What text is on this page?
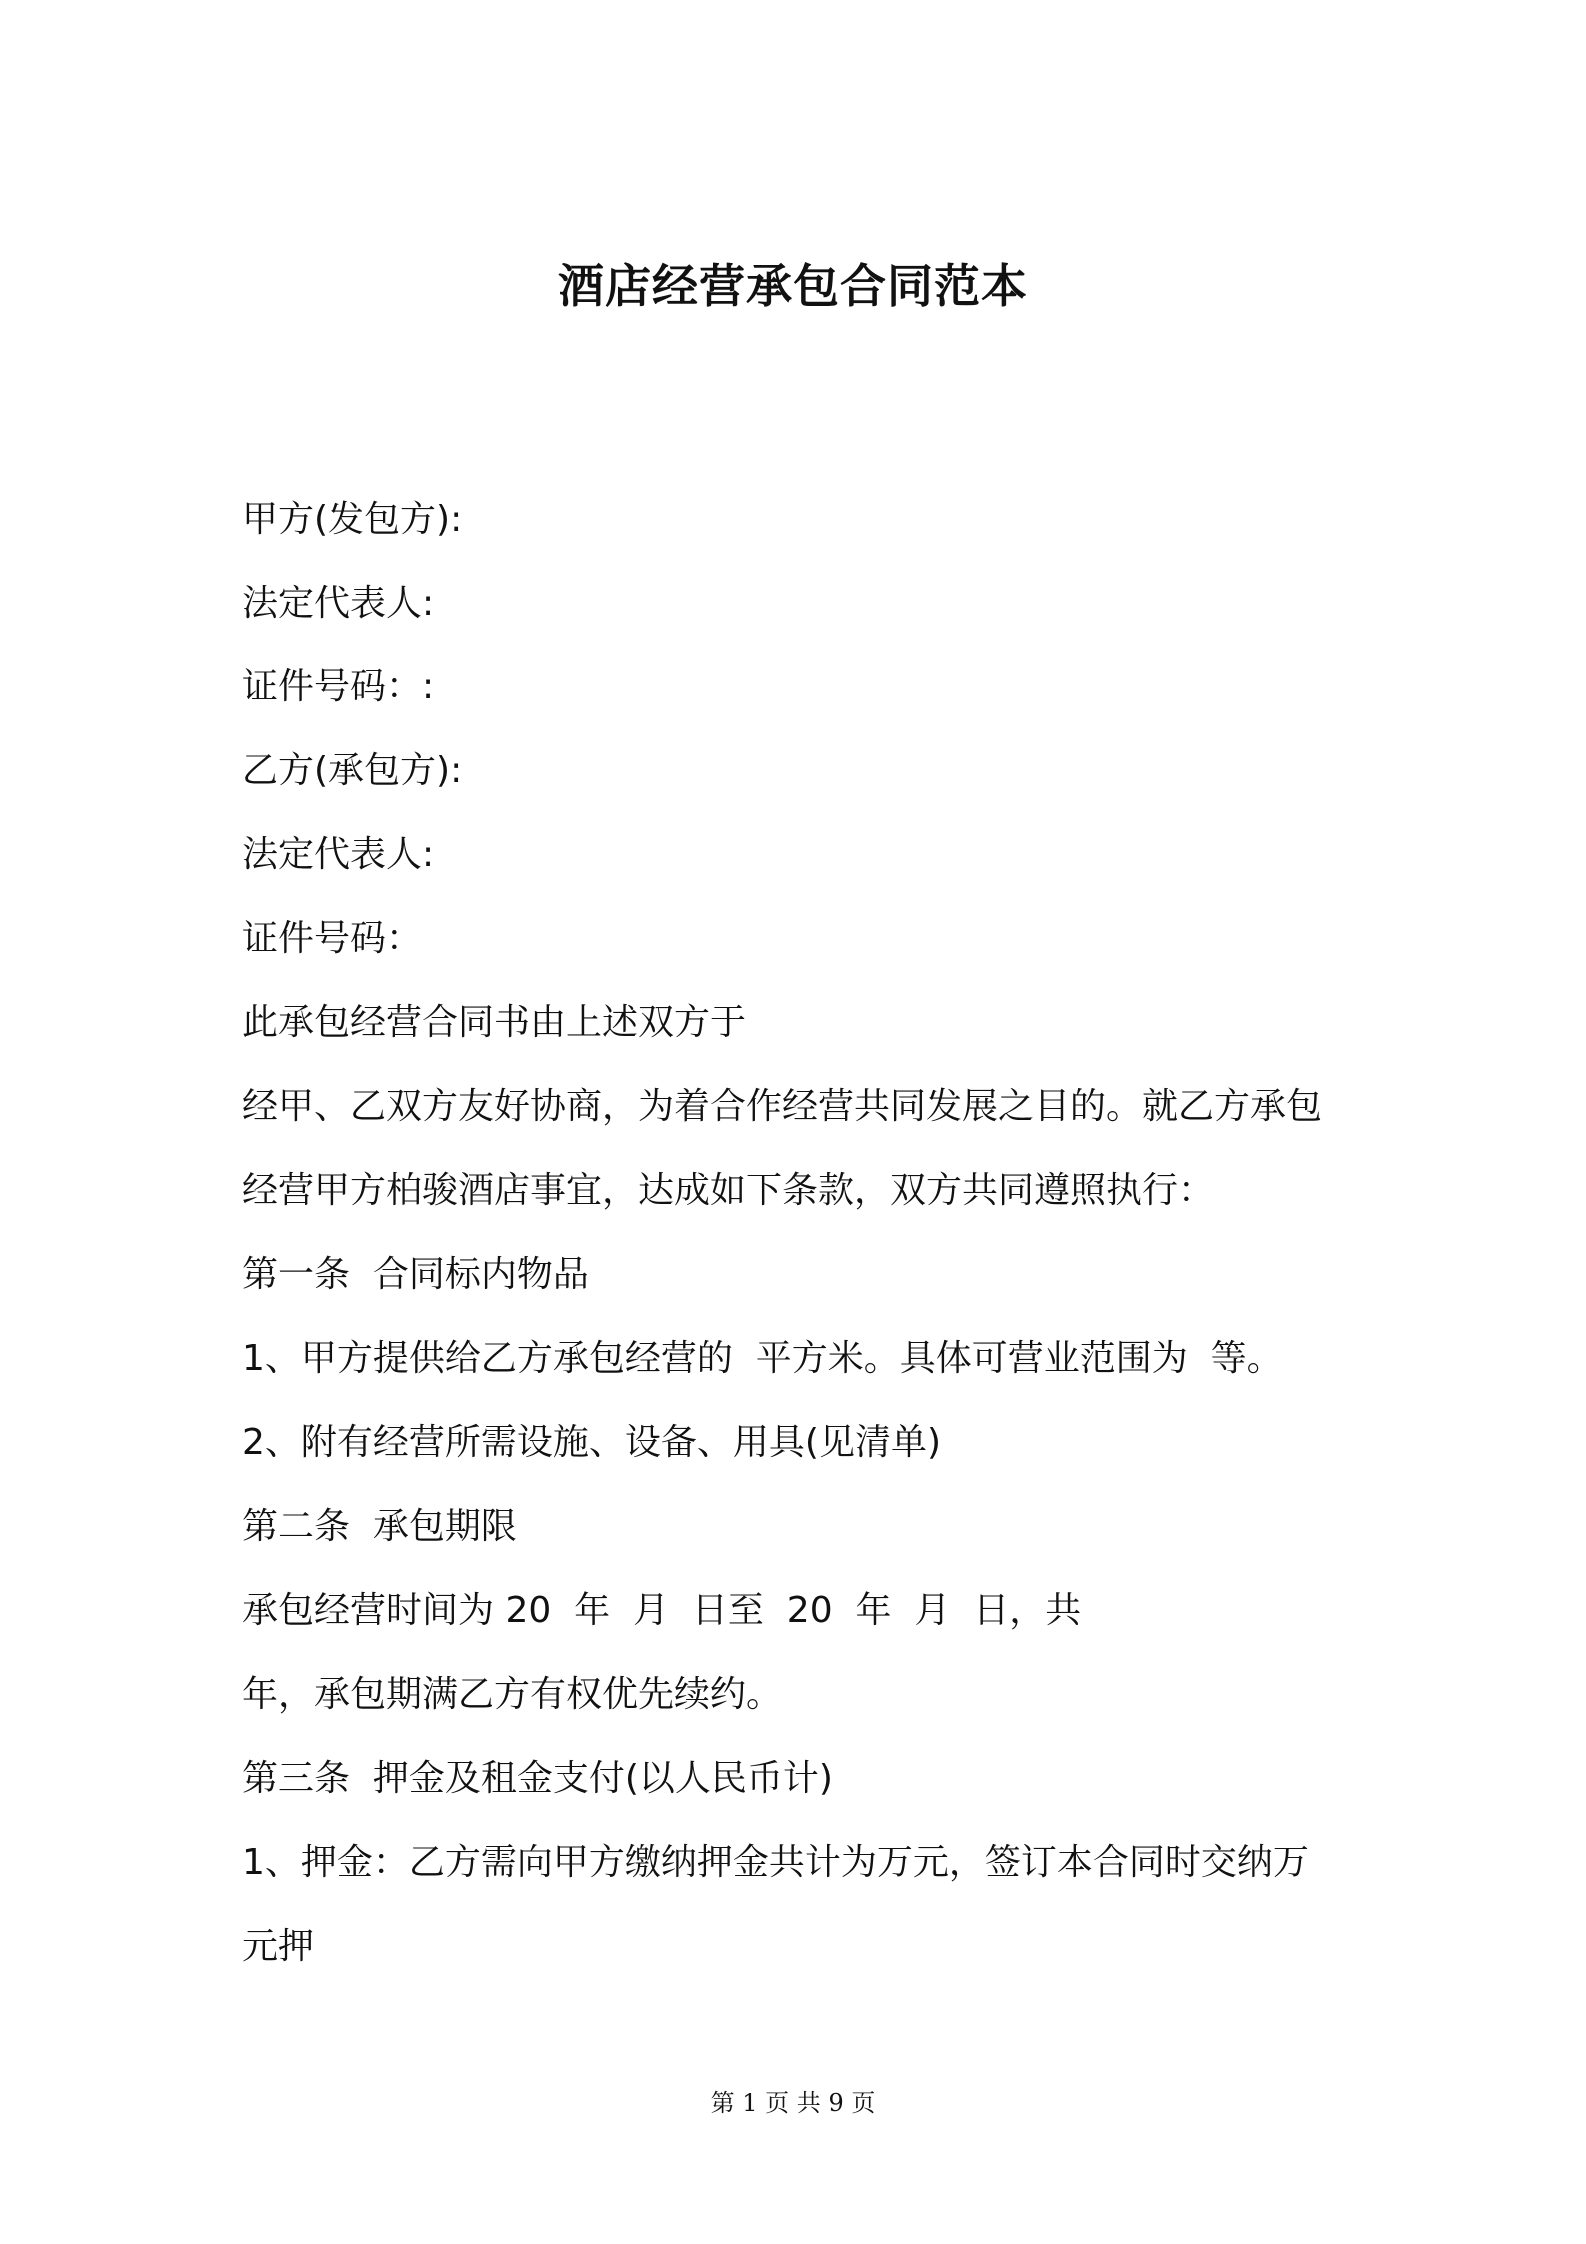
酒店经营承包合同范本
甲方(发包方):
法定代表人:
证件号码：:
乙方(承包方):
法定代表人:
证件号码：
此承包经营合同书由上述双方于
经甲、乙双方友好协商，为着合作经营共同发展之目的。就乙方承包
经营甲方柏骏酒店事宜，达成如下条款，双方共同遵照执行：
第一条  合同标内物品
1、甲方提供给乙方承包经营的  平方米。具体可营业范围为  等。
2、附有经营所需设施、设备、用具(见清单)
第二条  承包期限
承包经营时间为 20  年  月  日至  20  年  月  日，共
年，承包期满乙方有权优先续约。
第三条  押金及租金支付(以人民币计)
1、押金：乙方需向甲方缴纳押金共计为万元，签订本合同时交纳万
元押
第 1 页 共 9 页
